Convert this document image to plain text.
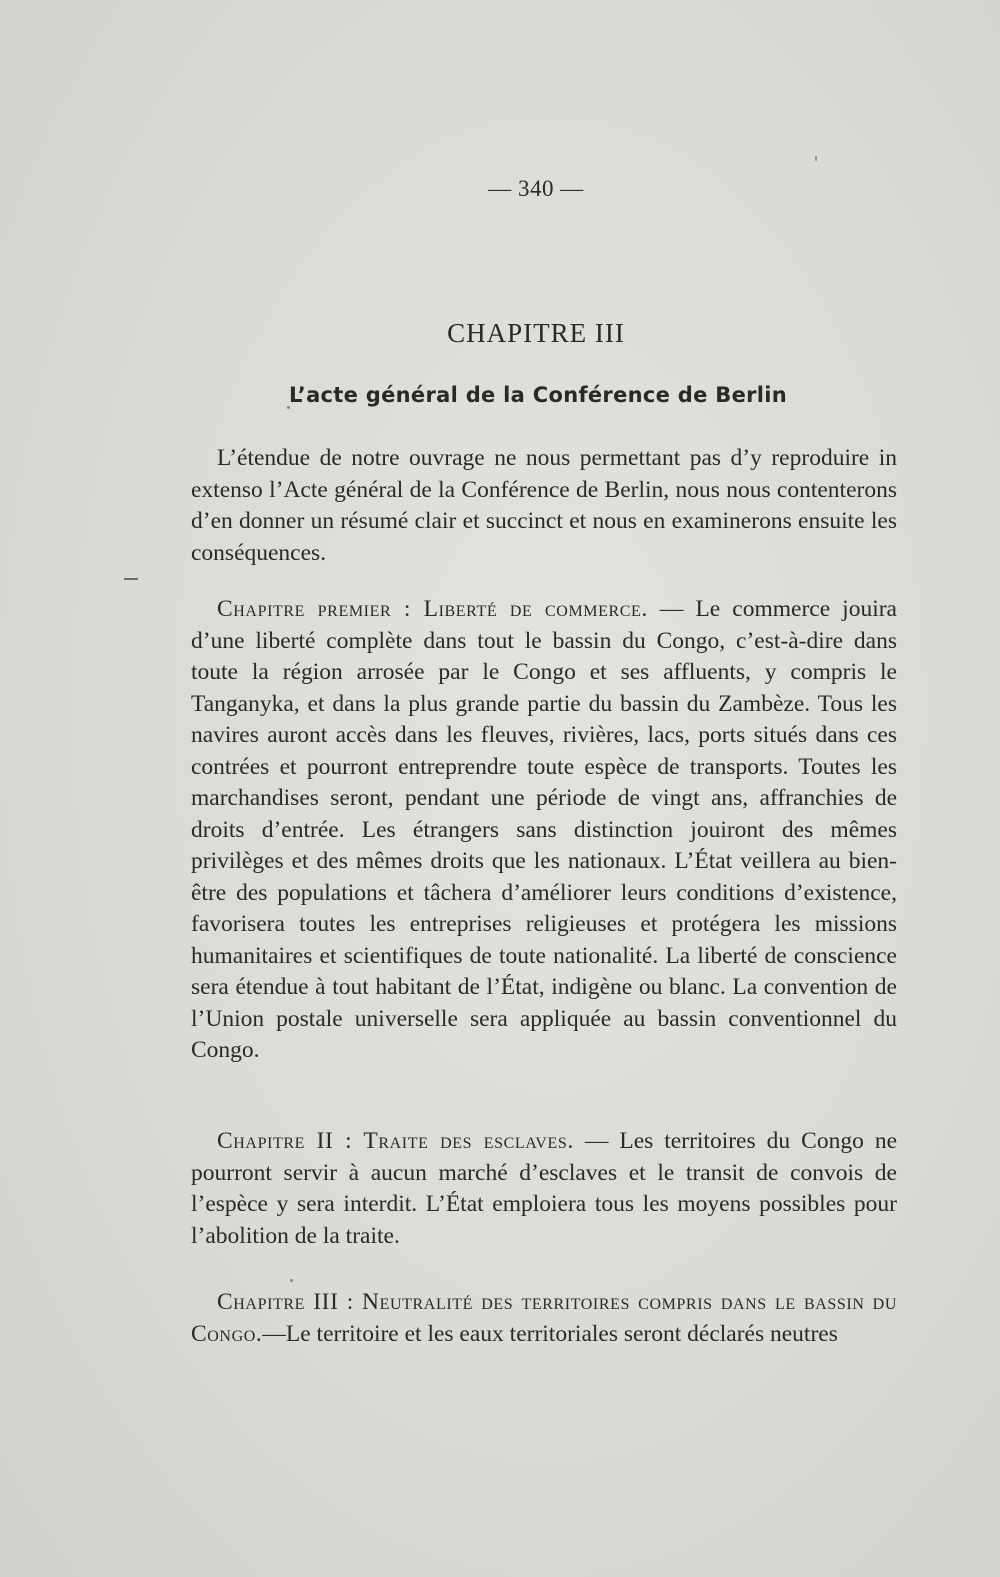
— 340 —
CHAPITRE III
L’acte général de la Conférence de Berlin

L’étendue de notre ouvrage ne nous permettant pas d’y reproduire in extenso l’Acte général de la Conférence de Berlin, nous nous contenterons d’en donner un résumé clair et succinct et nous en examinerons ensuite les conséquences.

Chapitre premier : Liberté de commerce. — Le commerce jouira d’une liberté complète dans tout le bassin du Congo, c’est-à-dire dans toute la région arrosée par le Congo et ses affluents, y compris le Tanganyka, et dans la plus grande partie du bassin du Zambèze. Tous les navires auront accès dans les fleuves, rivières, lacs, ports situés dans ces contrées et pourront entreprendre toute espèce de transports. Toutes les marchandises seront, pendant une période de vingt ans, affranchies de droits d’entrée. Les étrangers sans distinction jouiront des mêmes privilèges et des mêmes droits que les nationaux. L’État veillera au bien-être des populations et tâchera d’améliorer leurs conditions d’existence, favorisera toutes les entreprises religieuses et protégera les missions humanitaires et scientifiques de toute nationalité. La liberté de conscience sera étendue à tout habitant de l’État, indigène ou blanc. La convention de l’Union postale universelle sera appliquée au bassin conventionnel du Congo.

Chapitre II : Traite des esclaves. — Les territoires du Congo ne pourront servir à aucun marché d’esclaves et le transit de convois de l’espèce y sera interdit. L’État emploiera tous les moyens possibles pour l’abolition de la traite.

Chapitre III : Neutralité des territoires compris dans le bassin du Congo.—Le territoire et les eaux territoriales seront déclarés neutres
